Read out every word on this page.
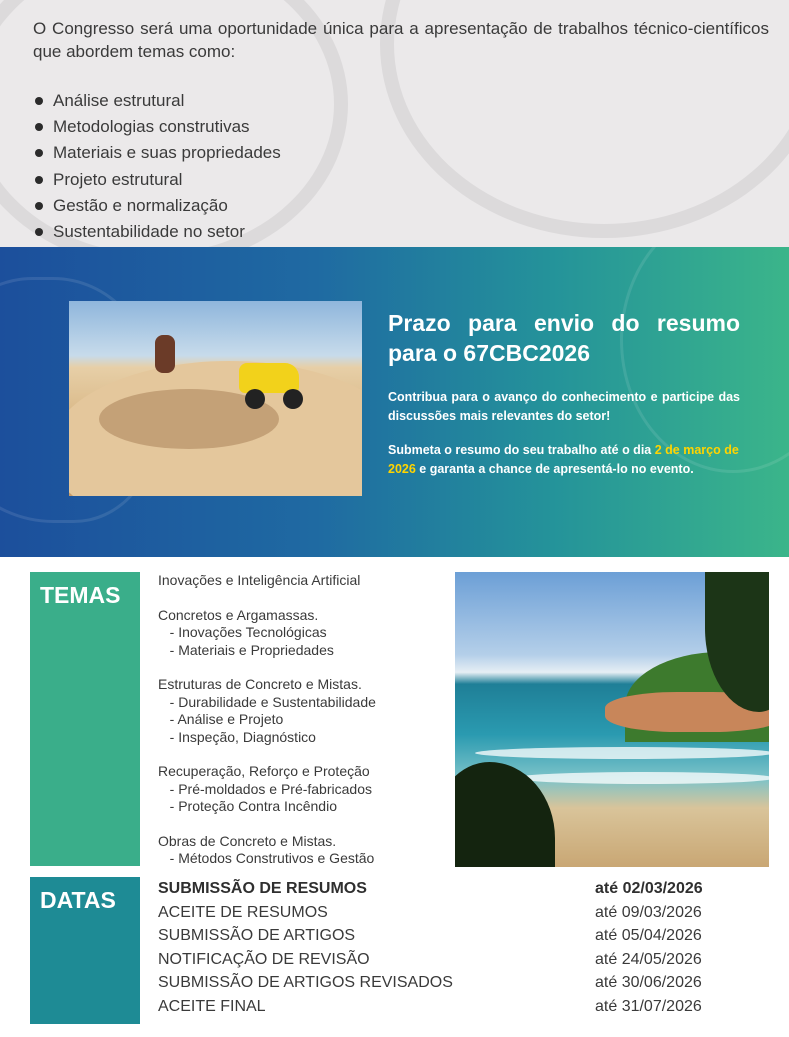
O Congresso será uma oportunidade única para a apresentação de trabalhos técnico-científicos que abordem temas como:

Análise estrutural
Metodologias construtivas
Materiais e suas propriedades
Projeto estrutural
Gestão e normalização
Sustentabilidade no setor
Prazo para envio do resumo para o 67CBC2026
Contribua para o avanço do conhecimento e participe das discussões mais relevantes do setor!
Submeta o resumo do seu trabalho até o dia 2 de março de 2026 e garanta a chance de apresentá-lo no evento.
TEMAS
Inovações e Inteligência Artificial
Concretos e Argamassas.
- Inovações Tecnológicas
- Materiais e Propriedades
Estruturas de Concreto e Mistas.
- Durabilidade e Sustentabilidade
- Análise e Projeto
- Inspeção, Diagnóstico
Recuperação, Reforço e Proteção
- Pré-moldados e Pré-fabricados
- Proteção Contra Incêndio
Obras de Concreto e Mistas.
- Métodos Construtivos e Gestão
DATAS	SUBMISSÃO DE RESUMOS	até 02/03/2026
ACEITE DE RESUMOS	até 09/03/2026
SUBMISSÃO DE ARTIGOS	até 05/04/2026
NOTIFICAÇÃO DE REVISÃO	até 24/05/2026
SUBMISSÃO DE ARTIGOS REVISADOS	até 30/06/2026
ACEITE FINAL	até 31/07/2026
